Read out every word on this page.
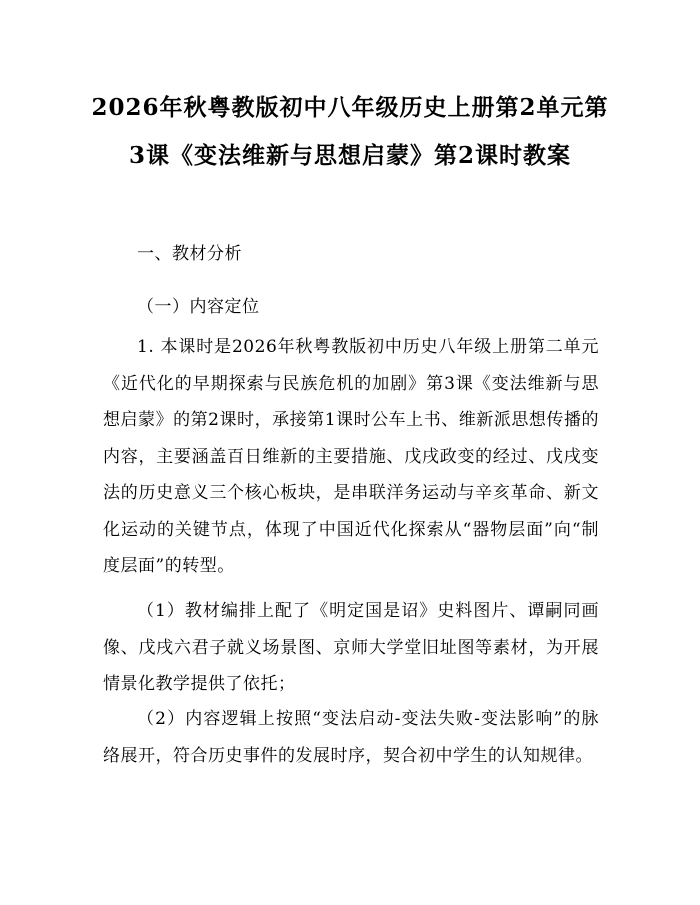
2026年秋粤教版初中八年级历史上册第2单元第3课《变法维新与思想启蒙》第2课时教案

一、教材分析

（一）内容定位

1. 本课时是2026年秋粤教版初中历史八年级上册第二单元《近代化的早期探索与民族危机的加剧》第3课《变法维新与思想启蒙》的第2课时，承接第1课时公车上书、维新派思想传播的内容，主要涵盖百日维新的主要措施、戊戌政变的经过、戊戌变法的历史意义三个核心板块，是串联洋务运动与辛亥革命、新文化运动的关键节点，体现了中国近代化探索从“器物层面”向“制度层面”的转型。

（1）教材编排上配了《明定国是诏》史料图片、谭嗣同画像、戊戌六君子就义场景图、京师大学堂旧址图等素材，为开展情景化教学提供了依托；

（2）内容逻辑上按照“变法启动-变法失败-变法影响”的脉络展开，符合历史事件的发展时序，契合初中学生的认知规律。
